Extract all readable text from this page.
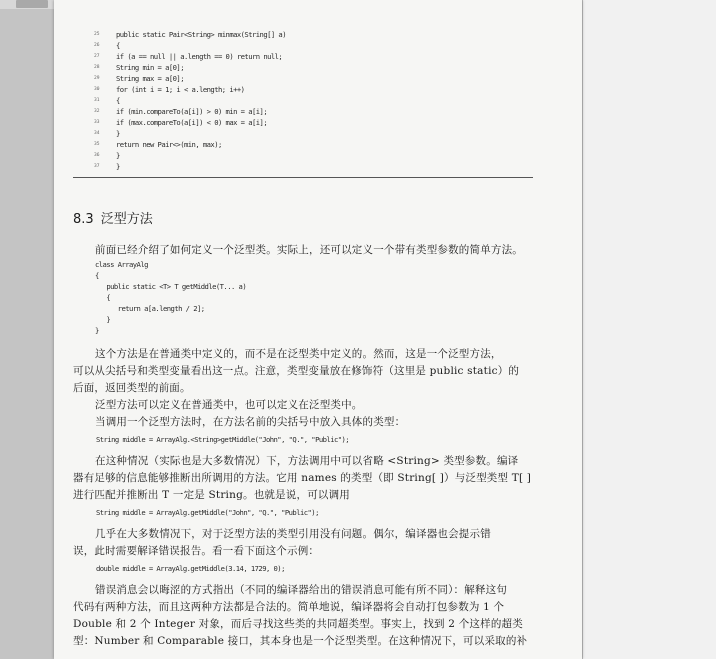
25	public static Pair<String> minmax(String[] a)
26	{
27	if (a == null || a.length == 0) return null;
28	String min = a[0];
29	String max = a[0];
30	for (int i = 1; i < a.length; i++)
31	{
32	if (min.compareTo(a[i]) > 0) min = a[i];
33	if (max.compareTo(a[i]) < 0) max = a[i];
34	}
35	return new Pair<>(min, max);
36	}
37	}
8.3 泛型方法
前面已经介绍了如何定义一个泛型类。实际上，还可以定义一个带有类型参数的简单方法。
class ArrayAlg
{
public static <T> T getMiddle(T... a)
{
return a[a.length / 2];
}
}
这个方法是在普通类中定义的，而不是在泛型类中定义的。然而，这是一个泛型方法，
可以从尖括号和类型变量看出这一点。注意，类型变量放在修饰符（这里是 public static）的
后面，返回类型的前面。
泛型方法可以定义在普通类中，也可以定义在泛型类中。
当调用一个泛型方法时，在方法名前的尖括号中放入具体的类型：
String middle = ArrayAlg.<String>getMiddle("John", "Q.", "Public");
在这种情况（实际也是大多数情况）下，方法调用中可以省略 <String> 类型参数。编译
器有足够的信息能够推断出所调用的方法。它用 names 的类型（即 String[ ]）与泛型类型 T[ ]
进行匹配并推断出 T 一定是 String。也就是说，可以调用
String middle = ArrayAlg.getMiddle("John", "Q.", "Public");
几乎在大多数情况下，对于泛型方法的类型引用没有问题。偶尔，编译器也会提示错
误，此时需要解译错误报告。看一看下面这个示例：
double middle = ArrayAlg.getMiddle(3.14, 1729, 0);
错误消息会以晦涩的方式指出（不同的编译器给出的错误消息可能有所不同）：解释这句
代码有两种方法，而且这两种方法都是合法的。简单地说，编译器将会自动打包参数为 1 个
Double 和 2 个 Integer 对象，而后寻找这些类的共同超类型。事实上，找到 2 个这样的超类
型：Number 和 Comparable 接口，其本身也是一个泛型类型。在这种情况下，可以采取的补
